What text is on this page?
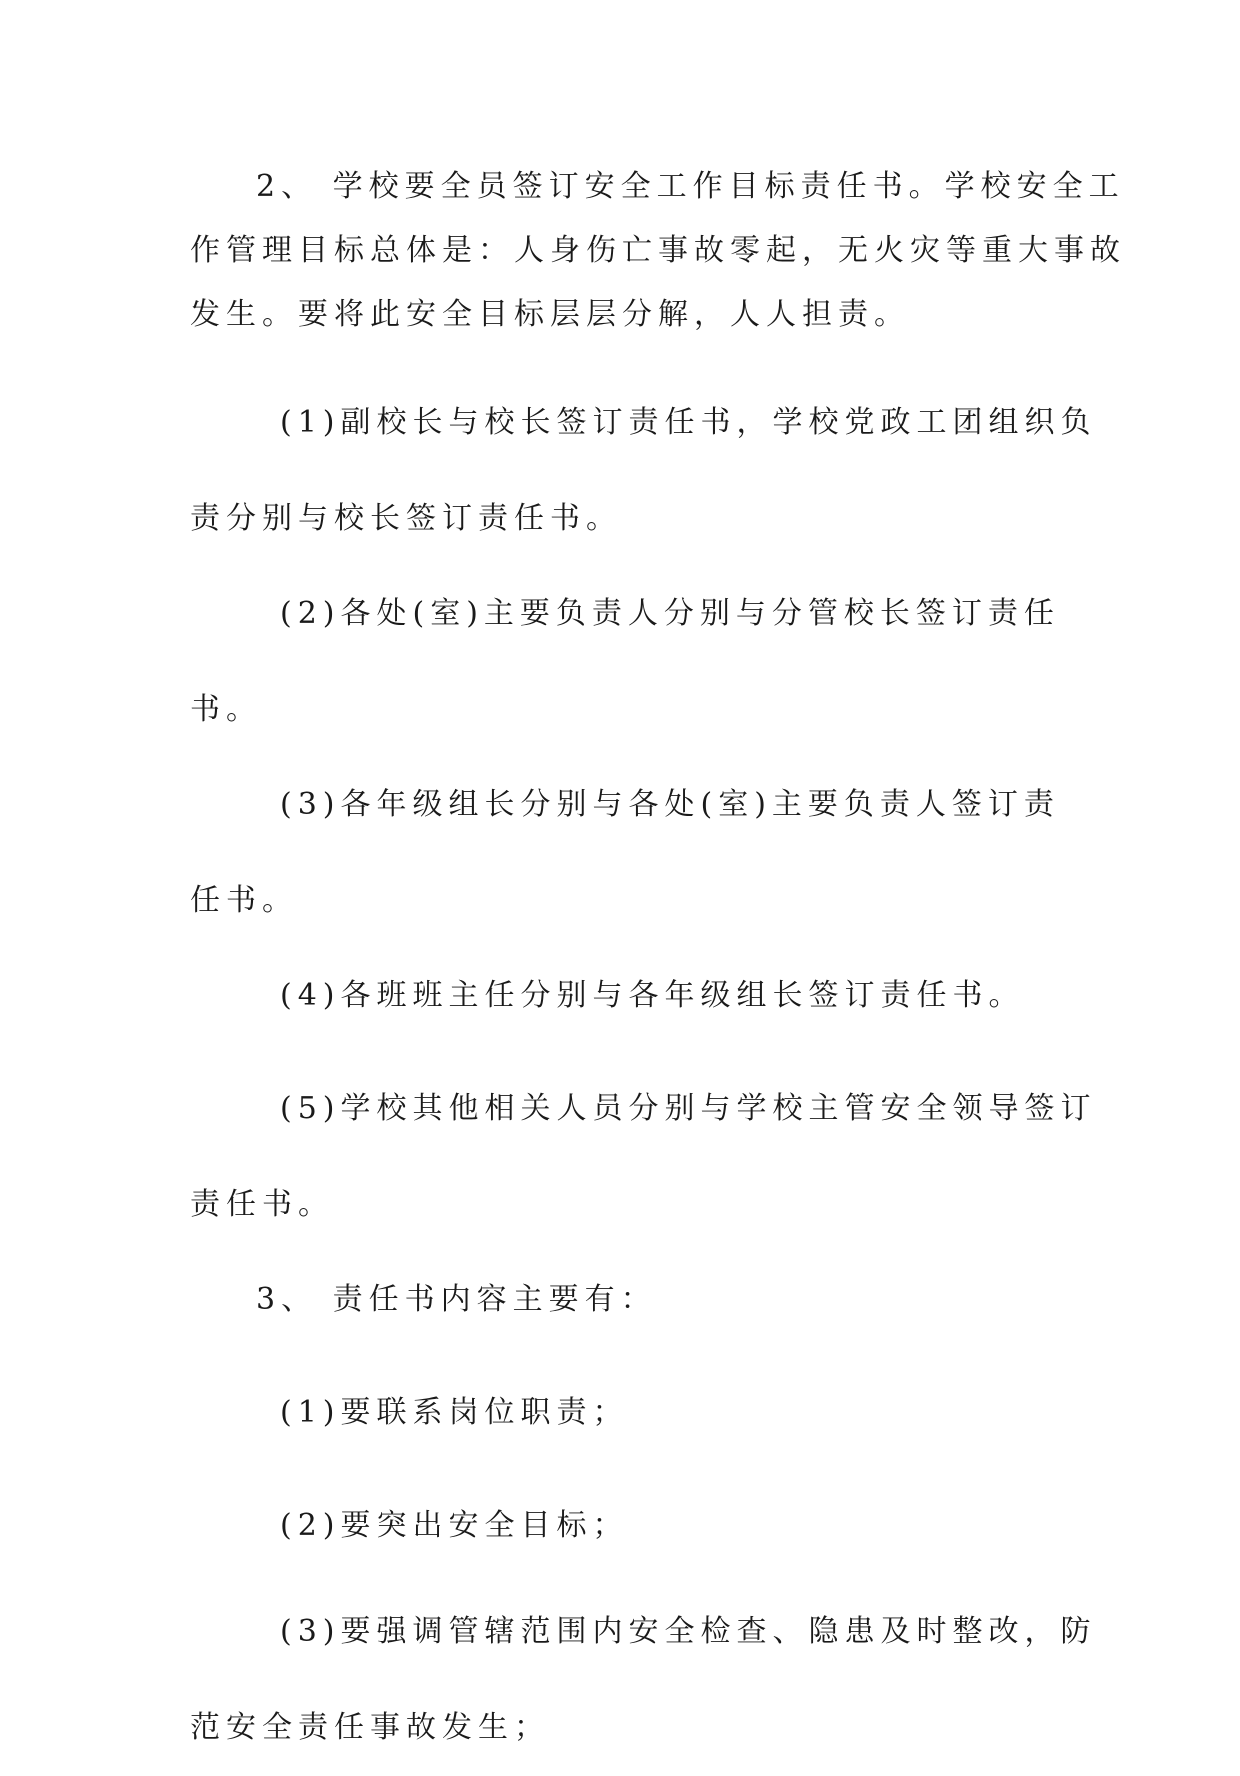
2、 学校要全员签订安全工作目标责任书。学校安全工
作管理目标总体是：人身伤亡事故零起，无火灾等重大事故
发生。要将此安全目标层层分解，人人担责。

(1)副校长与校长签订责任书，学校党政工团组织负
责分别与校长签订责任书。

(2)各处(室)主要负责人分别与分管校长签订责任
书。

(3)各年级组长分别与各处(室)主要负责人签订责
任书。

(4)各班班主任分别与各年级组长签订责任书。

(5)学校其他相关人员分别与学校主管安全领导签订
责任书。

3、 责任书内容主要有：

(1)要联系岗位职责；

(2)要突出安全目标；

(3)要强调管辖范围内安全检查、隐患及时整改，防
范安全责任事故发生；
